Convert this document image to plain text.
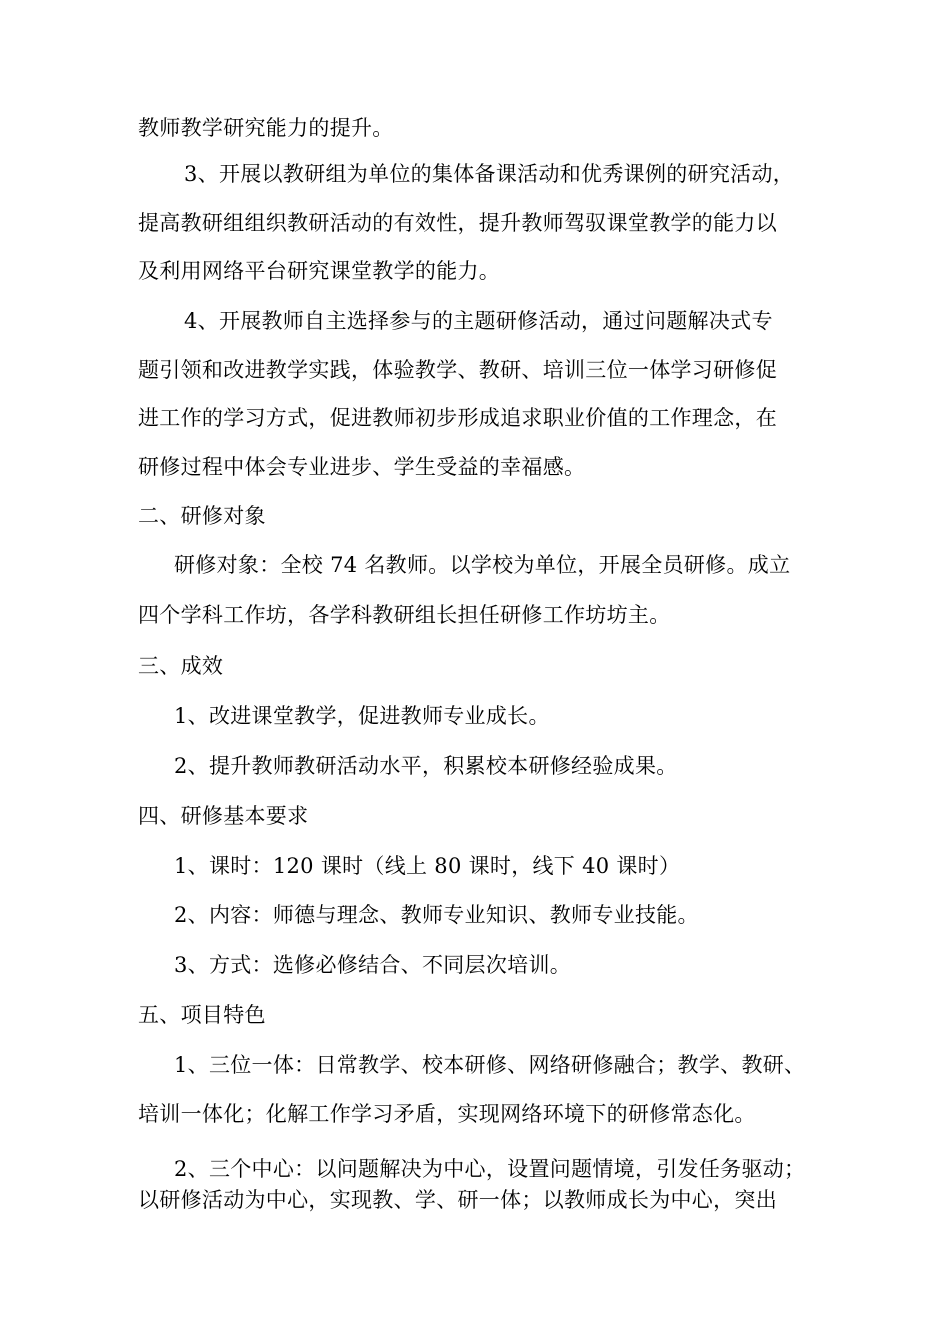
教师教学研究能力的提升。
3、开展以教研组为单位的集体备课活动和优秀课例的研究活动，
提高教研组组织教研活动的有效性，提升教师驾驭课堂教学的能力以
及利用网络平台研究课堂教学的能力。
4、开展教师自主选择参与的主题研修活动，通过问题解决式专
题引领和改进教学实践，体验教学、教研、培训三位一体学习研修促
进工作的学习方式，促进教师初步形成追求职业价值的工作理念，在
研修过程中体会专业进步、学生受益的幸福感。
二、研修对象
研修对象：全校 74 名教师。以学校为单位，开展全员研修。成立
四个学科工作坊，各学科教研组长担任研修工作坊坊主。
三、成效
1、改进课堂教学，促进教师专业成长。
2、提升教师教研活动水平，积累校本研修经验成果。
四、研修基本要求
1、课时：120 课时（线上 80 课时，线下 40 课时）
2、内容：师德与理念、教师专业知识、教师专业技能。
3、方式：选修必修结合、不同层次培训。
五、项目特色
1、三位一体：日常教学、校本研修、网络研修融合；教学、教研、
培训一体化；化解工作学习矛盾，实现网络环境下的研修常态化。
2、三个中心：以问题解决为中心，设置问题情境，引发任务驱动；
以研修活动为中心，实现教、学、研一体；以教师成长为中心，突出
